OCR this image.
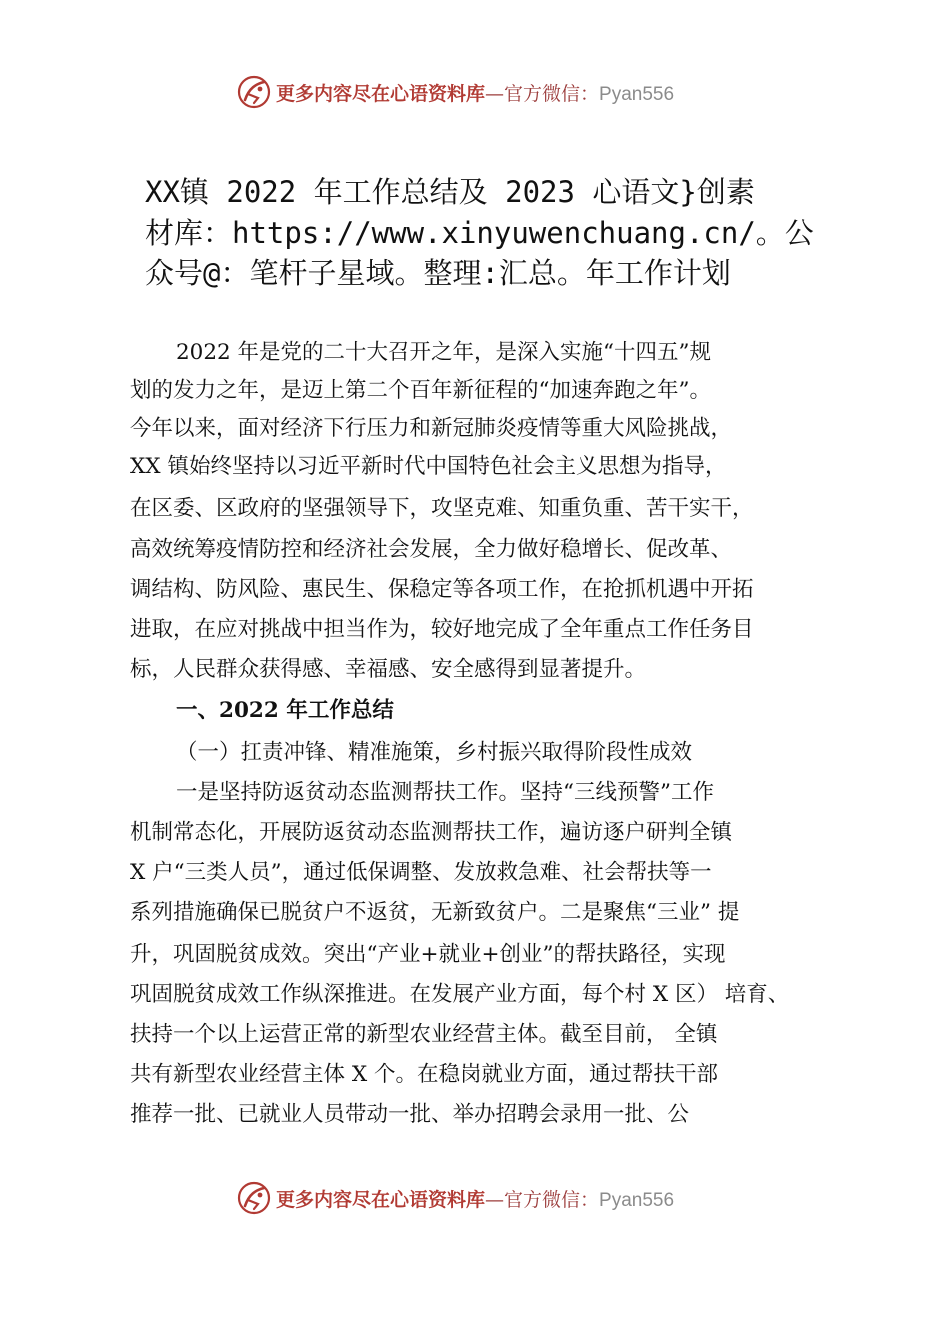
更多内容尽在心语资料库—官方微信：Pyan556
XX镇 2022 年工作总结及 2023 心语文}创素
材库：https://www.xinyuwenchuang.cn/。公
众号@：笔杆子星域。整理:汇总。年工作计划
2022 年是党的二十大召开之年，是深入实施“十四五”规
划的发力之年，是迈上第二个百年新征程的“加速奔跑之年”。
今年以来，面对经济下行压力和新冠肺炎疫情等重大风险挑战，
XX 镇始终坚持以习近平新时代中国特色社会主义思想为指导，
在区委、区政府的坚强领导下，攻坚克难、知重负重、苦干实干，
高效统筹疫情防控和经济社会发展，全力做好稳增长、促改革、
调结构、防风险、惠民生、保稳定等各项工作，在抢抓机遇中开拓
进取，在应对挑战中担当作为，较好地完成了全年重点工作任务目
标，人民群众获得感、幸福感、安全感得到显著提升。
一、2022 年工作总结
（一）扛责冲锋、精准施策，乡村振兴取得阶段性成效
一是坚持防返贫动态监测帮扶工作。坚持“三线预警”工作
机制常态化，开展防返贫动态监测帮扶工作，遍访逐户研判全镇
X 户“三类人员”，通过低保调整、发放救急难、社会帮扶等一
系列措施确保已脱贫户不返贫，无新致贫户。二是聚焦“三业” 提
升，巩固脱贫成效。突出“产业+就业+创业”的帮扶路径，实现
巩固脱贫成效工作纵深推进。在发展产业方面，每个村 X 区） 培育、
扶持一个以上运营正常的新型农业经营主体。截至目前， 全镇
共有新型农业经营主体 X 个。在稳岗就业方面，通过帮扶干部
推荐一批、已就业人员带动一批、举办招聘会录用一批、公
更多内容尽在心语资料库—官方微信：Pyan556
